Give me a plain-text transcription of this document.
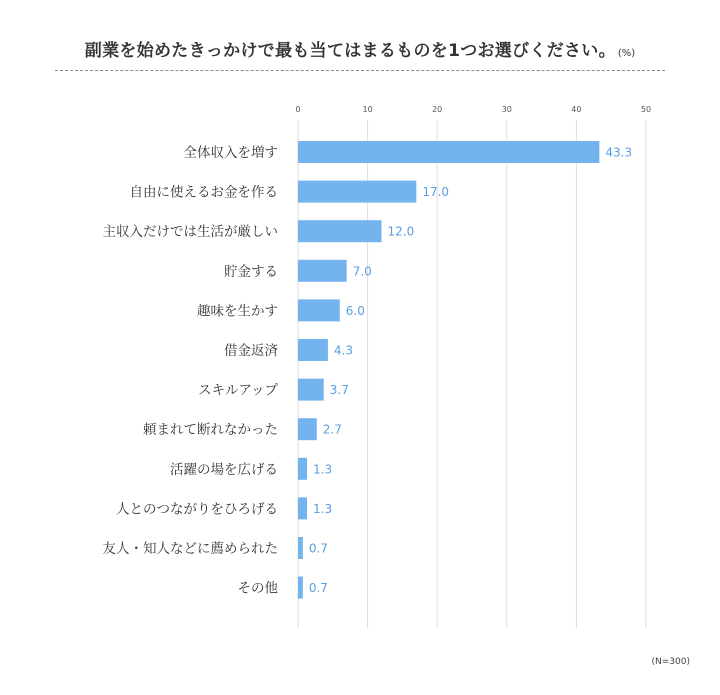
副業を始めたきっかけで最も当てはまるものを1つお選びください。 (%)
0	10	20	30	40	50
全体収入を増す	43.3
自由に使えるお金を作る	17.0
主収入だけでは生活が厳しい	12.0
貯金する	7.0
趣味を生かす	6.0
借金返済	4.3
スキルアップ	3.7
頼まれて断れなかった	2.7
活躍の場を広げる	1.3
人とのつながりをひろげる	1.3
友人・知人などに薦められた	0.7
その他	0.7
(N=300)
